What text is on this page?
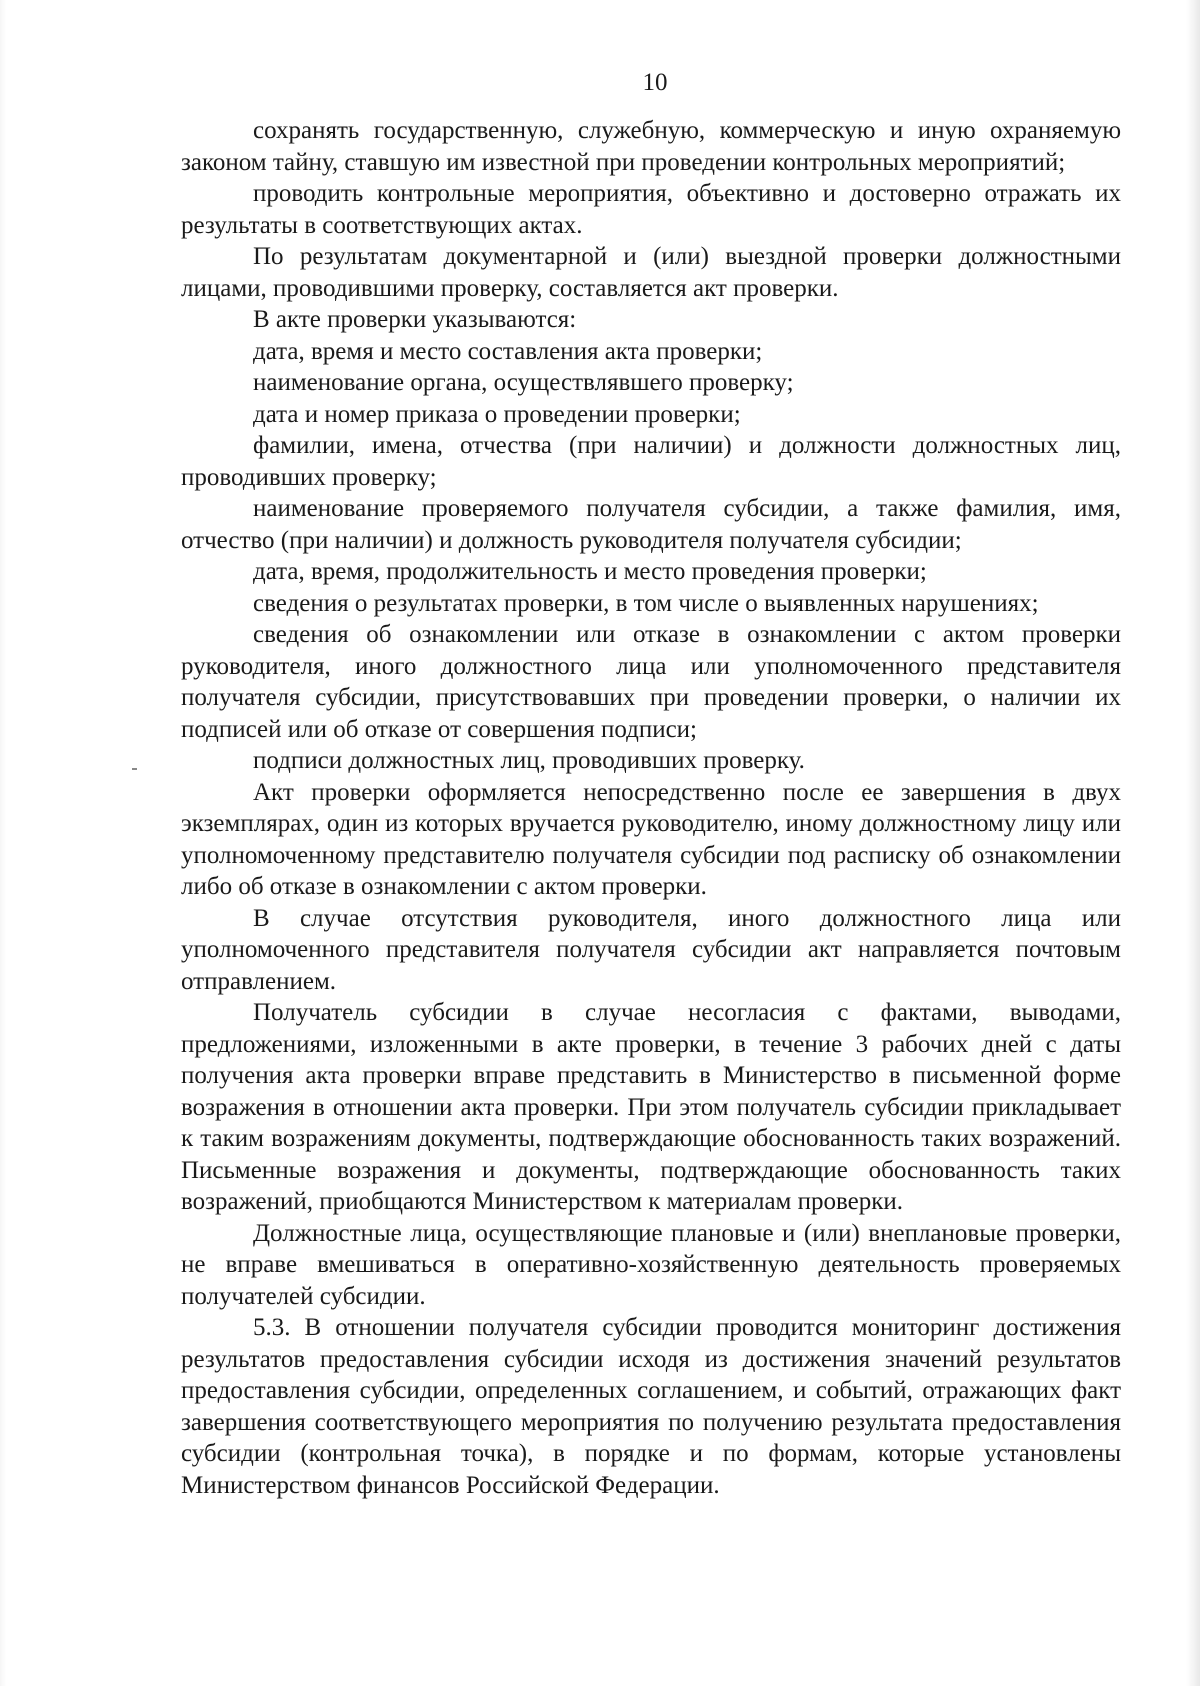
10

сохранять государственную, служебную, коммерческую и иную охраняемую законом тайну, ставшую им известной при проведении контрольных мероприятий;

проводить контрольные мероприятия, объективно и достоверно отражать их результаты в соответствующих актах.

По результатам документарной и (или) выездной проверки должностными лицами, проводившими проверку, составляется акт проверки.

В акте проверки указываются:

дата, время и место составления акта проверки;

наименование органа, осуществлявшего проверку;

дата и номер приказа о проведении проверки;

фамилии, имена, отчества (при наличии) и должности должностных лиц, проводивших проверку;

наименование проверяемого получателя субсидии, а также фамилия, имя, отчество (при наличии) и должность руководителя получателя субсидии;

дата, время, продолжительность и место проведения проверки;

сведения о результатах проверки, в том числе о выявленных нарушениях;

сведения об ознакомлении или отказе в ознакомлении с актом проверки руководителя, иного должностного лица или уполномоченного представителя получателя субсидии, присутствовавших при проведении проверки, о наличии их подписей или об отказе от совершения подписи;

подписи должностных лиц, проводивших проверку.

Акт проверки оформляется непосредственно после ее завершения в двух экземплярах, один из которых вручается руководителю, иному должностному лицу или уполномоченному представителю получателя субсидии под расписку об ознакомлении либо об отказе в ознакомлении с актом проверки.

В случае отсутствия руководителя, иного должностного лица или уполномоченного представителя получателя субсидии акт направляется почтовым отправлением.

Получатель субсидии в случае несогласия с фактами, выводами, предложениями, изложенными в акте проверки, в течение 3 рабочих дней с даты получения акта проверки вправе представить в Министерство в письменной форме возражения в отношении акта проверки. При этом получатель субсидии прикладывает к таким возражениям документы, подтверждающие обоснованность таких возражений. Письменные возражения и документы, подтверждающие обоснованность таких возражений, приобщаются Министерством к материалам проверки.

Должностные лица, осуществляющие плановые и (или) внеплановые проверки, не вправе вмешиваться в оперативно-хозяйственную деятельность проверяемых получателей субсидии.

5.3. В отношении получателя субсидии проводится мониторинг достижения результатов предоставления субсидии исходя из достижения значений результатов предоставления субсидии, определенных соглашением, и событий, отражающих факт завершения соответствующего мероприятия по получению результата предоставления субсидии (контрольная точка), в порядке и по формам, которые установлены Министерством финансов Российской Федерации.
